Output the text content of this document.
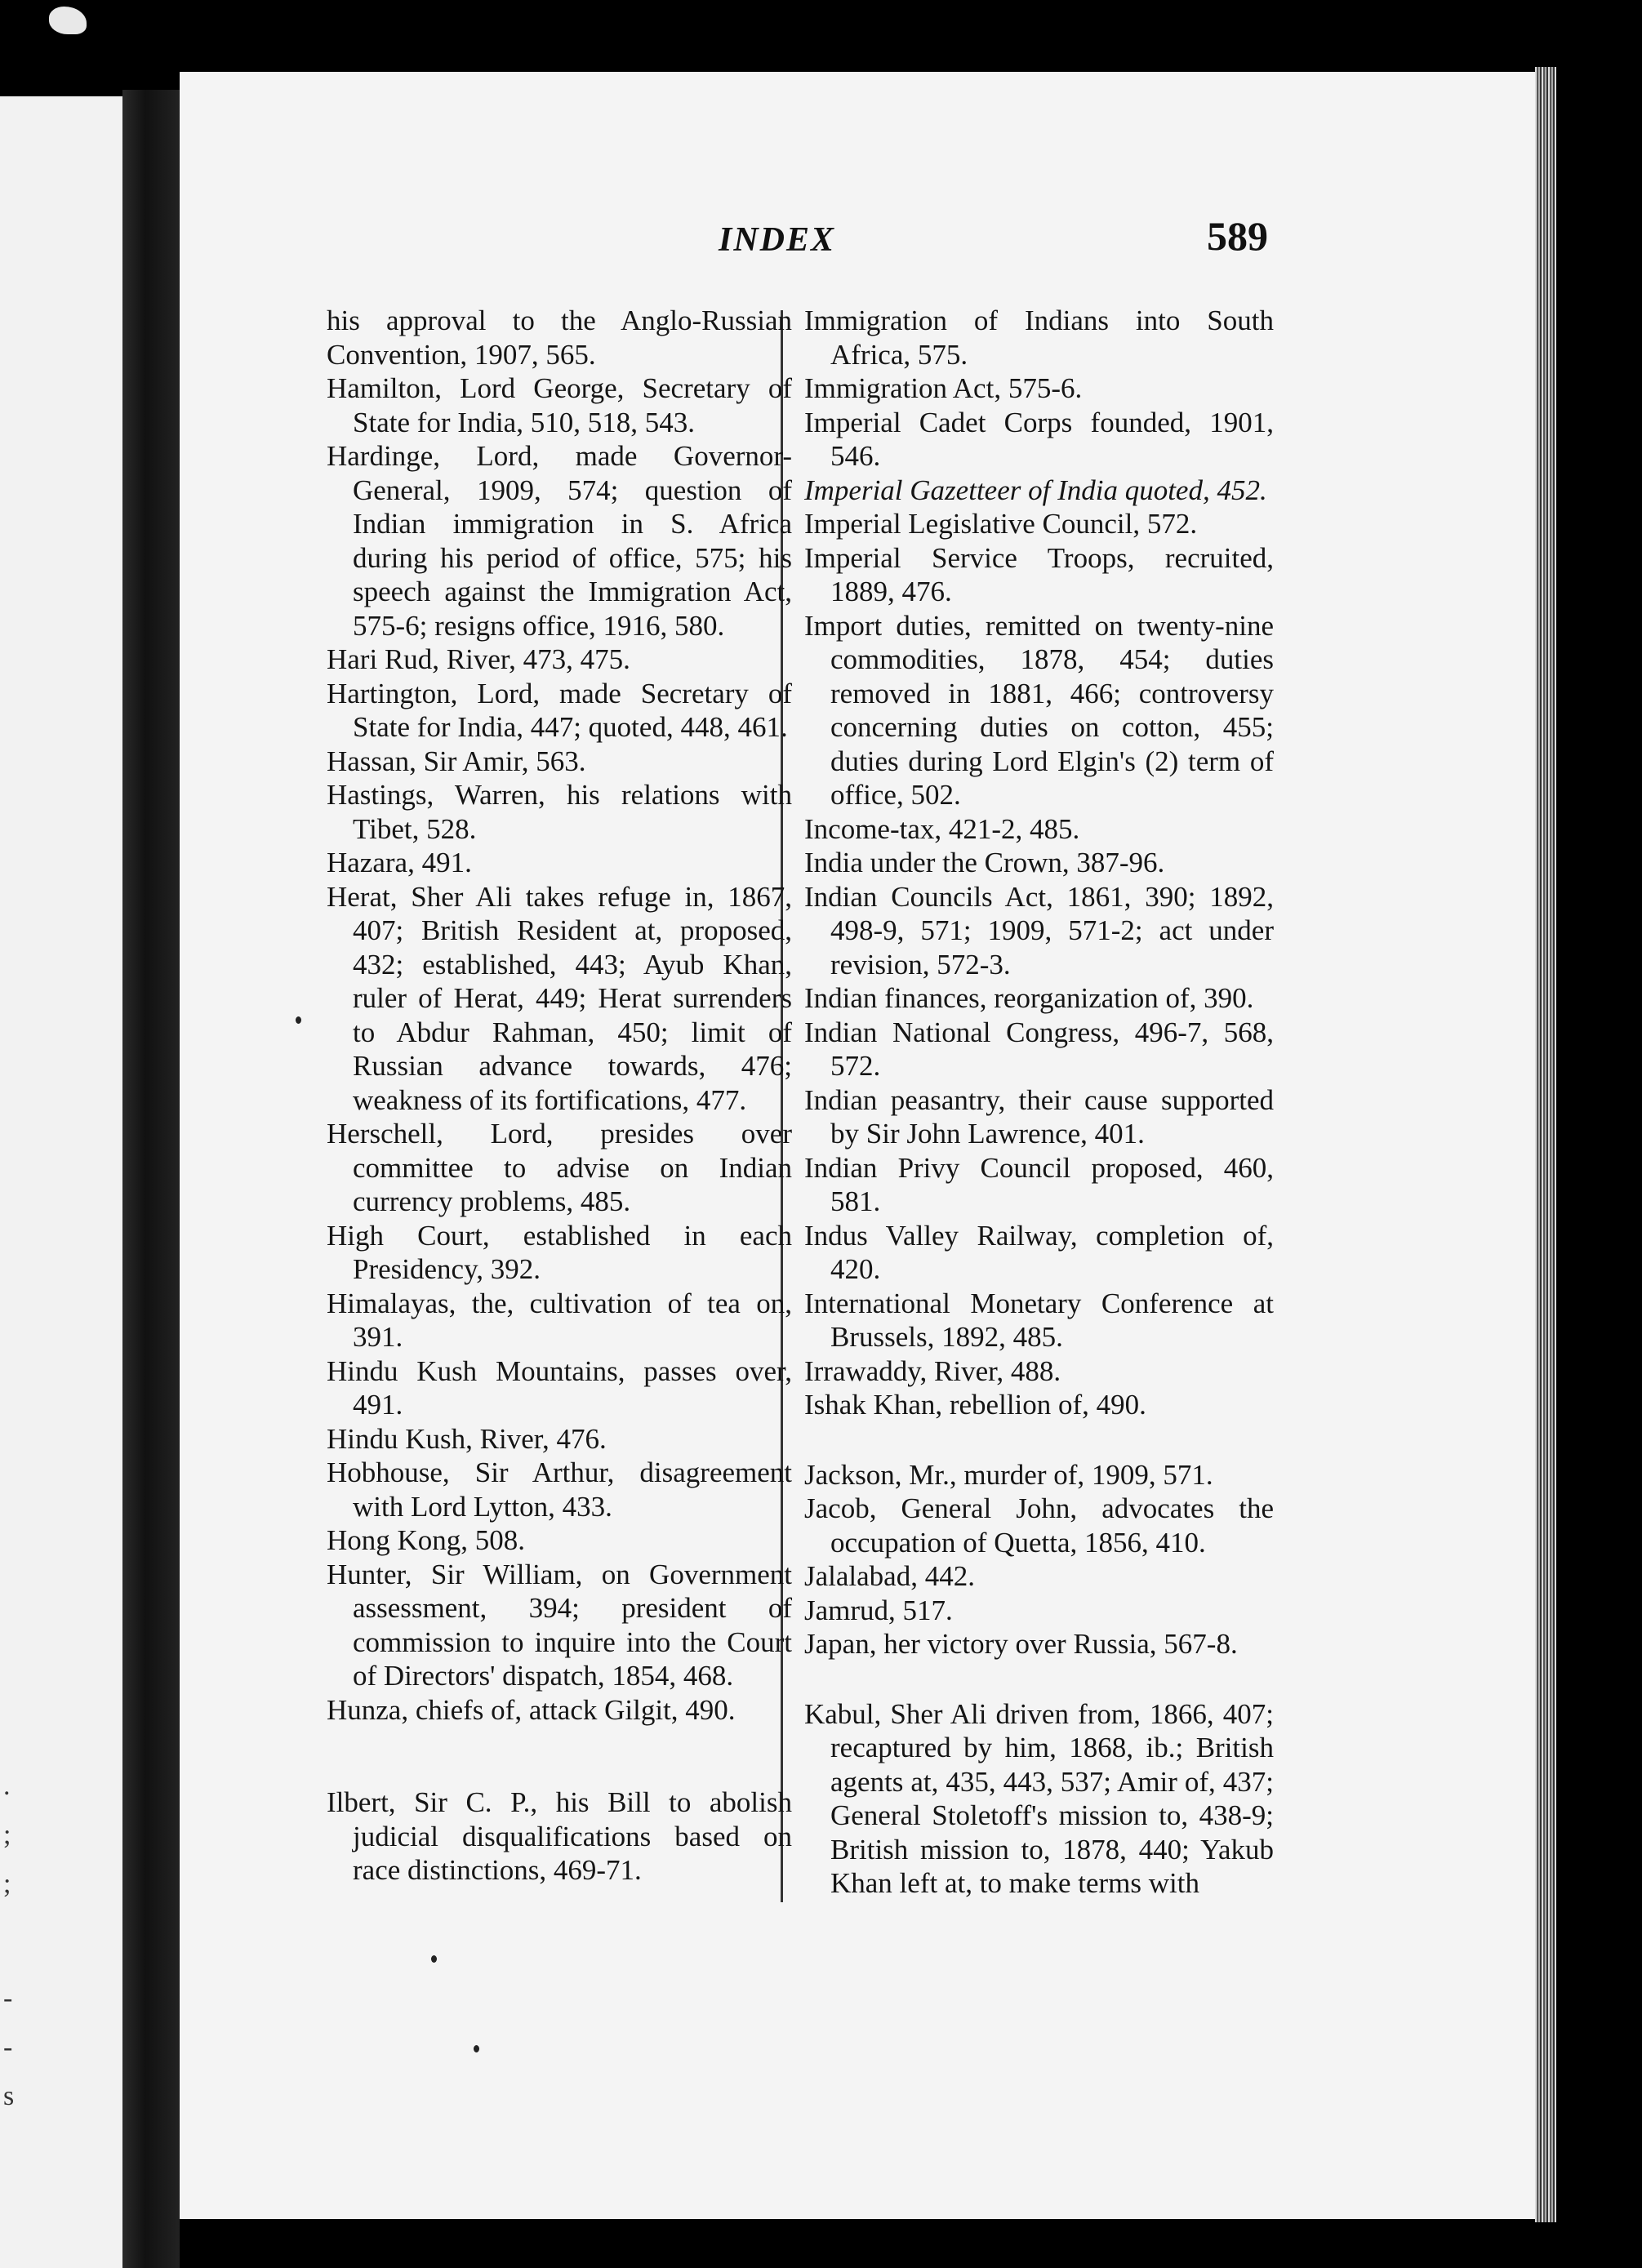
.
;
;
-
-
s
INDEX	589

his approval to the Anglo-Russian Convention, 1907, 565.

Hamilton, Lord George, Secretary of State for India, 510, 518, 543.

Hardinge, Lord, made Governor-General, 1909, 574; question of Indian immigration in S. Africa during his period of office, 575; his speech against the Immigration Act, 575-6; resigns office, 1916, 580.

Hari Rud, River, 473, 475.

Hartington, Lord, made Secretary of State for India, 447; quoted, 448, 461.

Hassan, Sir Amir, 563.

Hastings, Warren, his relations with Tibet, 528.

Hazara, 491.

Herat, Sher Ali takes refuge in, 1867, 407; British Resident at, proposed, 432; established, 443; Ayub Khan, ruler of Herat, 449; Herat surrenders to Abdur Rahman, 450; limit of Russian advance towards, 476; weakness of its fortifications, 477.

Herschell, Lord, presides over committee to advise on Indian currency problems, 485.

High Court, established in each Presidency, 392.

Himalayas, the, cultivation of tea on, 391.

Hindu Kush Mountains, passes over, 491.

Hindu Kush, River, 476.

Hobhouse, Sir Arthur, disagreement with Lord Lytton, 433.

Hong Kong, 508.

Hunter, Sir William, on Government assessment, 394; president of commission to inquire into the Court of Directors' dispatch, 1854, 468.

Hunza, chiefs of, attack Gilgit, 490.

Ilbert, Sir C. P., his Bill to abolish judicial disqualifications based on race distinctions, 469-71.

Immigration of Indians into South Africa, 575.

Immigration Act, 575-6.

Imperial Cadet Corps founded, 1901, 546.

Imperial Gazetteer of India quoted, 452.

Imperial Legislative Council, 572.

Imperial Service Troops, recruited, 1889, 476.

Import duties, remitted on twenty-nine commodities, 1878, 454; duties removed in 1881, 466; controversy concerning duties on cotton, 455; duties during Lord Elgin's (2) term of office, 502.

Income-tax, 421-2, 485.

India under the Crown, 387-96.

Indian Councils Act, 1861, 390; 1892, 498-9, 571; 1909, 571-2; act under revision, 572-3.

Indian finances, reorganization of, 390.

Indian National Congress, 496-7, 568, 572.

Indian peasantry, their cause supported by Sir John Lawrence, 401.

Indian Privy Council proposed, 460, 581.

Indus Valley Railway, completion of, 420.

International Monetary Conference at Brussels, 1892, 485.

Irrawaddy, River, 488.

Ishak Khan, rebellion of, 490.

Jackson, Mr., murder of, 1909, 571.

Jacob, General John, advocates the occupation of Quetta, 1856, 410.

Jalalabad, 442.

Jamrud, 517.

Japan, her victory over Russia, 567-8.

Kabul, Sher Ali driven from, 1866, 407; recaptured by him, 1868, ib.; British agents at, 435, 443, 537; Amir of, 437; General Stoletoff's mission to, 438-9; British mission to, 1878, 440; Yakub Khan left at, to make terms with
